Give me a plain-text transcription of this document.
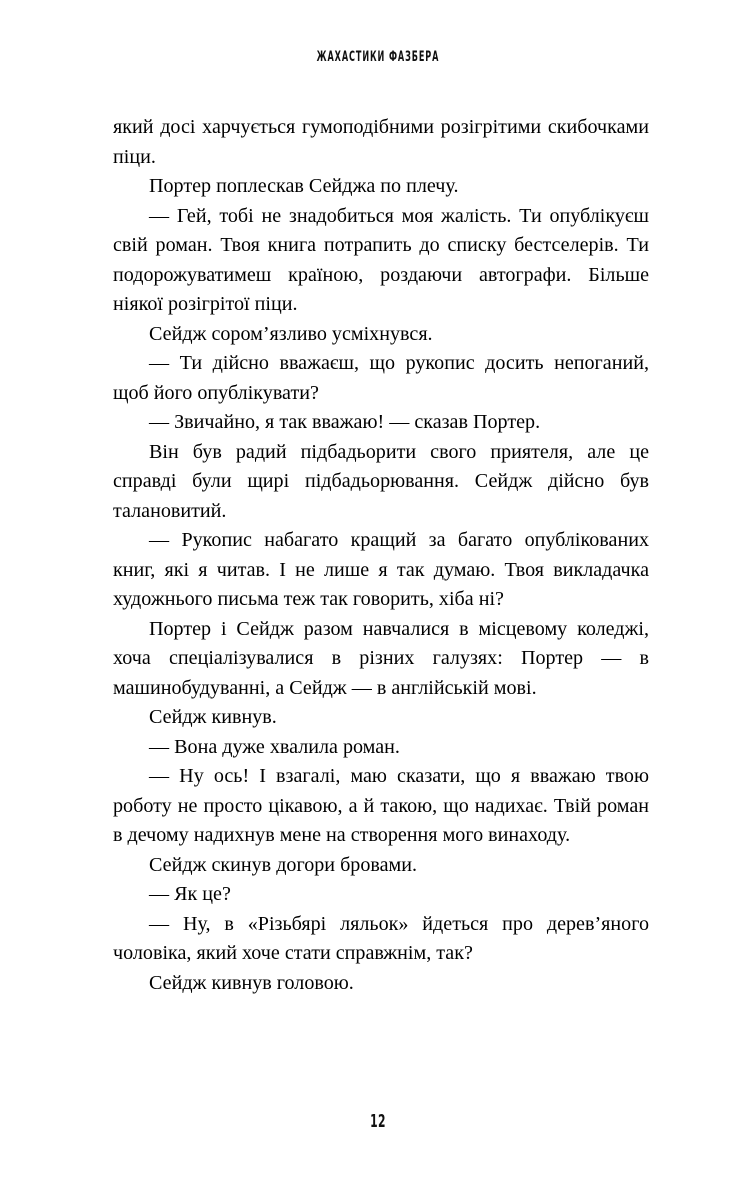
ЖАХАСТИКИ ФАЗБЕРА

який досі харчується гумоподібними розігрітими скибочками піци.

Портер поплескав Сейджа по плечу.

— Гей, тобі не знадобиться моя жалість. Ти опублікуєш свій роман. Твоя книга потрапить до списку бестселерів. Ти подорожуватимеш країною, роздаючи автографи. Більше ніякої розігрітої піци.

Сейдж сором’язливо усміхнувся.

— Ти дійсно вважаєш, що рукопис досить непоганий, щоб його опублікувати?

— Звичайно, я так вважаю! — сказав Портер.

Він був радий підбадьорити свого приятеля, але це справді були щирі підбадьорювання. Сейдж дійсно був талановитий.

— Рукопис набагато кращий за багато опублікованих книг, які я читав. І не лише я так думаю. Твоя викладачка художнього письма теж так говорить, хіба ні?

Портер і Сейдж разом навчалися в місцевому коледжі, хоча спеціалізувалися в різних галузях: Портер — в машинобудуванні, а Сейдж — в англійській мові.

Сейдж кивнув.

— Вона дуже хвалила роман.

— Ну ось! І взагалі, маю сказати, що я вважаю твою роботу не просто цікавою, а й такою, що надихає. Твій роман в дечому надихнув мене на створення мого винаходу.

Сейдж скинув догори бровами.

— Як це?

— Ну, в «Різьбярі ляльок» йдеться про дерев’яного чоловіка, який хоче стати справжнім, так?

Сейдж кивнув головою.

12
